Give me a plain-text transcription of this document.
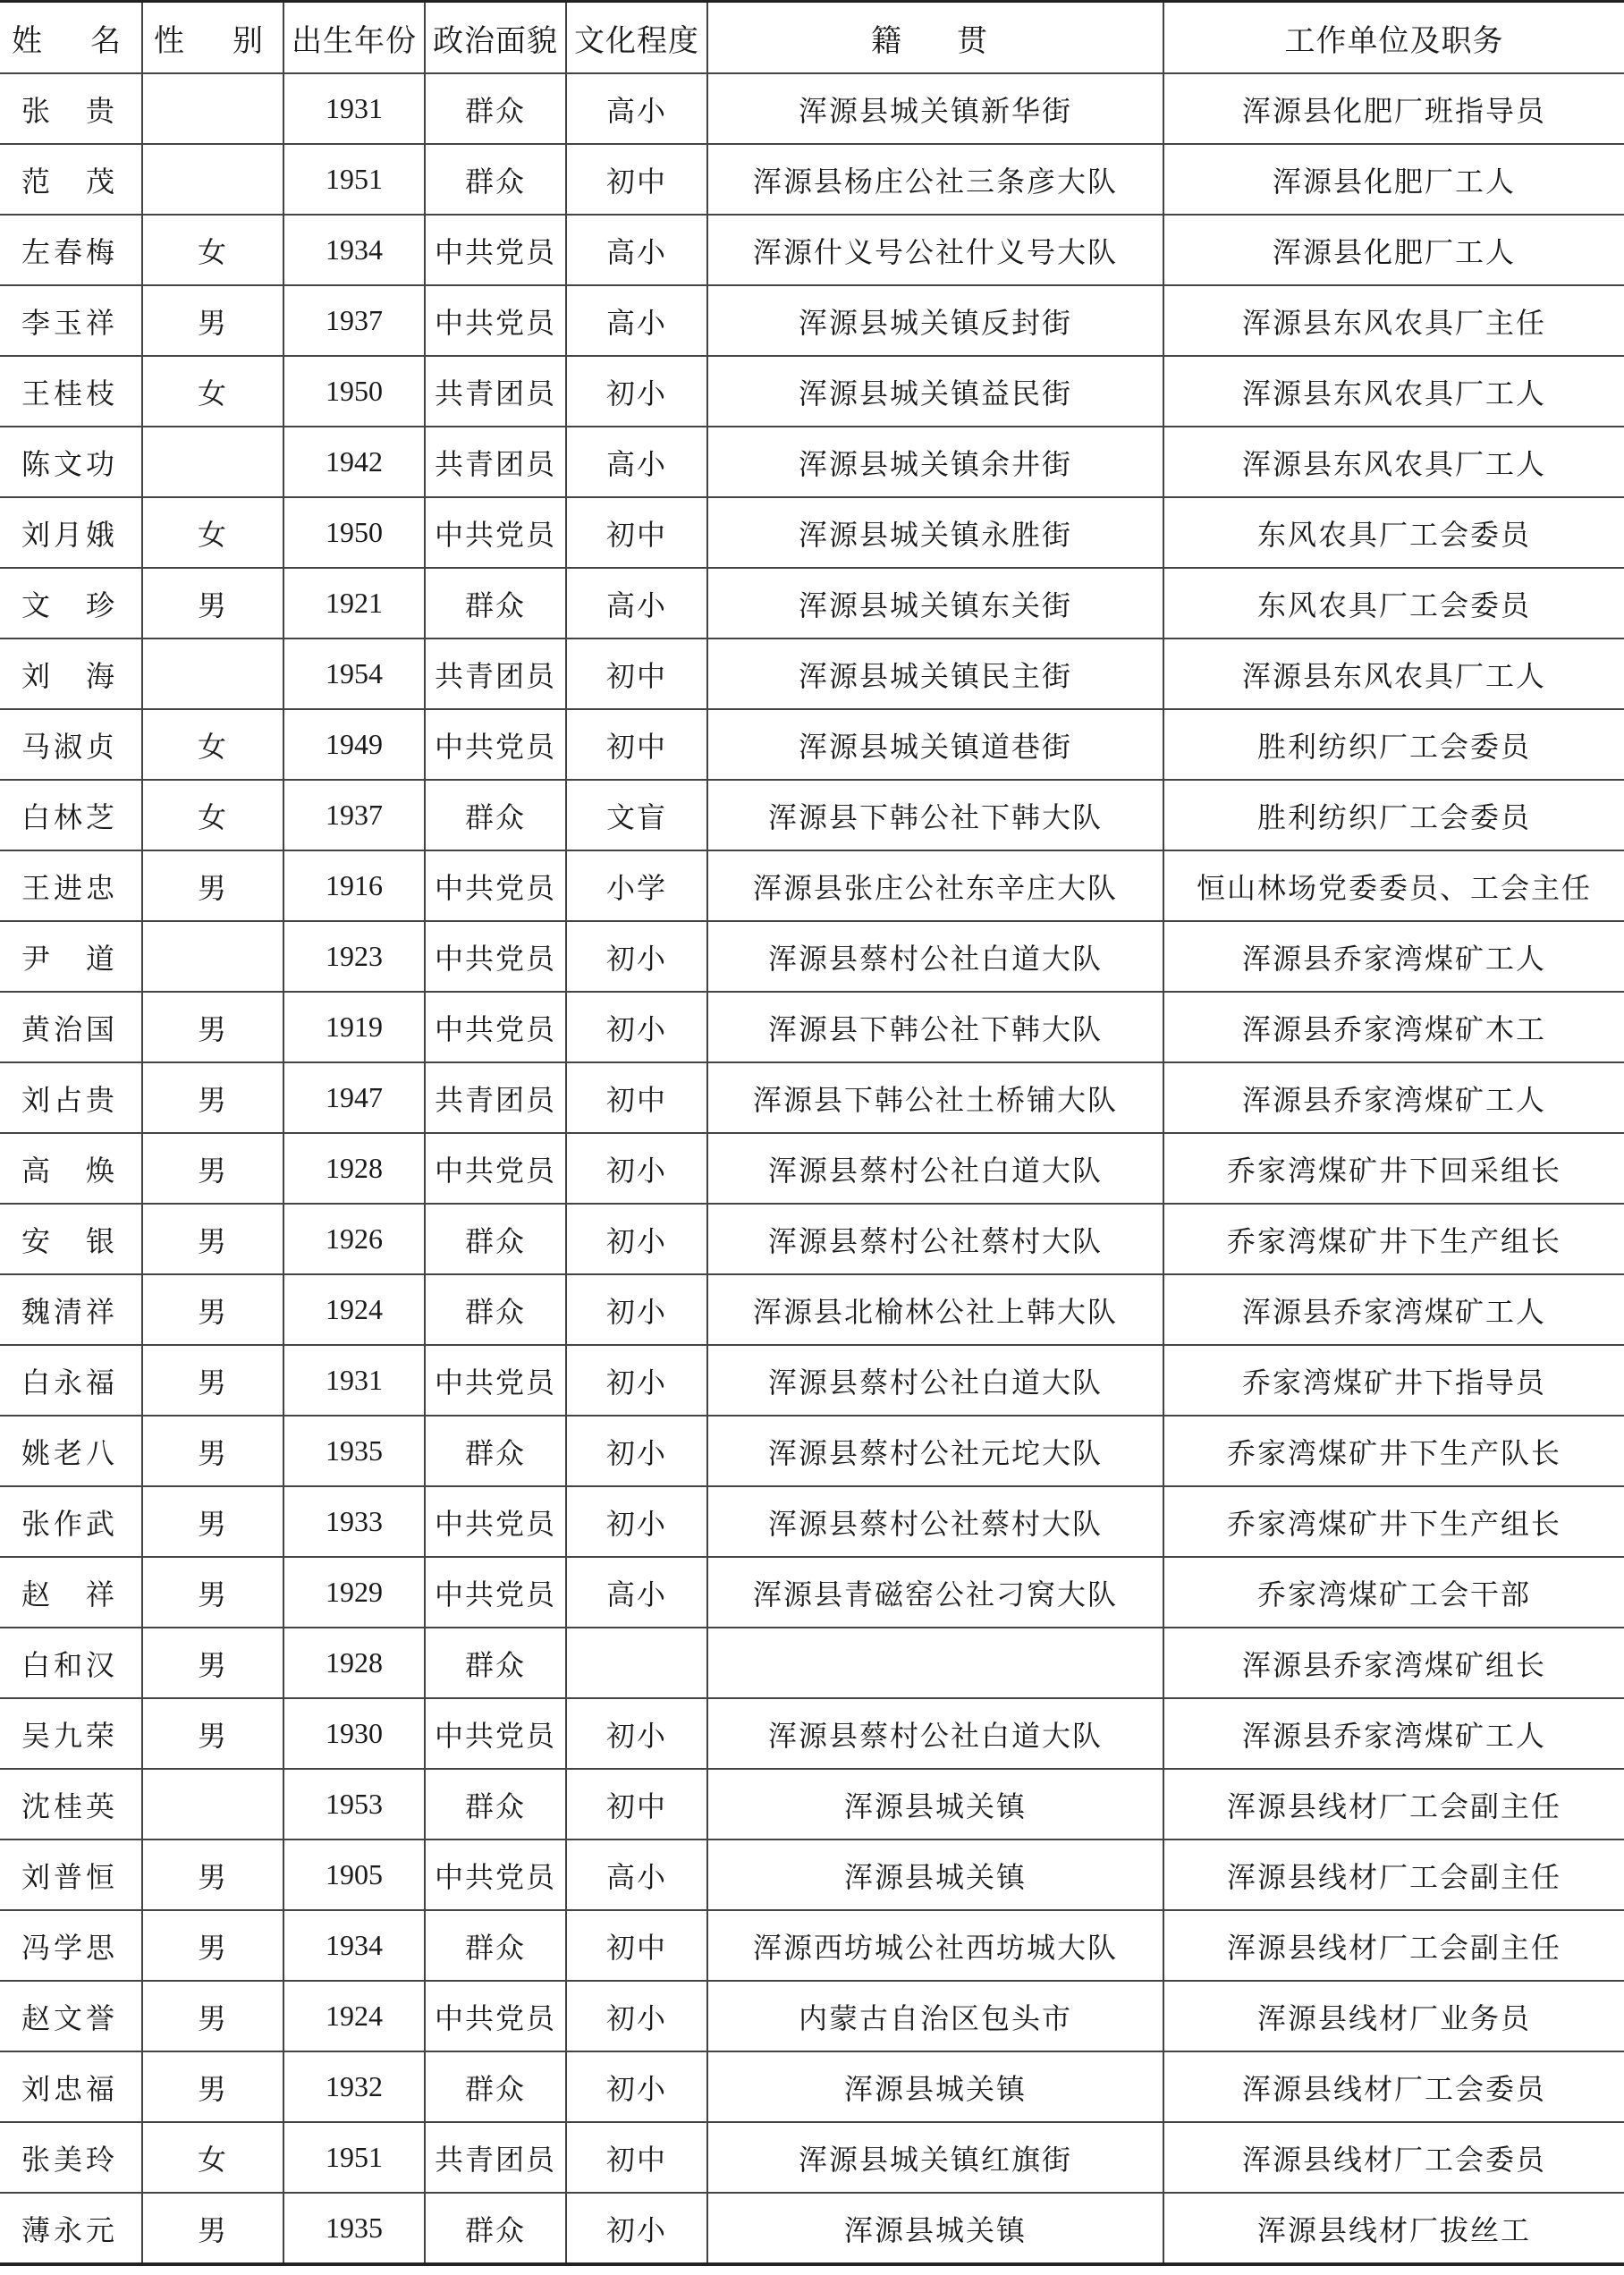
姓　名	性　别	出生年份	政治面貌	文化程度	籍　贯	工作单位及职务
张　贵		1931	群众	高小	浑源县城关镇新华街	浑源县化肥厂班指导员
范　茂		1951	群众	初中	浑源县杨庄公社三条彦大队	浑源县化肥厂工人
左春梅	女	1934	中共党员	高小	浑源什义号公社什义号大队	浑源县化肥厂工人
李玉祥	男	1937	中共党员	高小	浑源县城关镇反封街	浑源县东风农具厂主任
王桂枝	女	1950	共青团员	初小	浑源县城关镇益民街	浑源县东风农具厂工人
陈文功		1942	共青团员	高小	浑源县城关镇余井街	浑源县东风农具厂工人
刘月娥	女	1950	中共党员	初中	浑源县城关镇永胜街	东风农具厂工会委员
文　珍	男	1921	群众	高小	浑源县城关镇东关街	东风农具厂工会委员
刘　海		1954	共青团员	初中	浑源县城关镇民主街	浑源县东风农具厂工人
马淑贞	女	1949	中共党员	初中	浑源县城关镇道巷街	胜利纺织厂工会委员
白林芝	女	1937	群众	文盲	浑源县下韩公社下韩大队	胜利纺织厂工会委员
王进忠	男	1916	中共党员	小学	浑源县张庄公社东辛庄大队	恒山林场党委委员、工会主任
尹　道		1923	中共党员	初小	浑源县蔡村公社白道大队	浑源县乔家湾煤矿工人
黄治国	男	1919	中共党员	初小	浑源县下韩公社下韩大队	浑源县乔家湾煤矿木工
刘占贵	男	1947	共青团员	初中	浑源县下韩公社土桥铺大队	浑源县乔家湾煤矿工人
高　焕	男	1928	中共党员	初小	浑源县蔡村公社白道大队	乔家湾煤矿井下回采组长
安　银	男	1926	群众	初小	浑源县蔡村公社蔡村大队	乔家湾煤矿井下生产组长
魏清祥	男	1924	群众	初小	浑源县北榆林公社上韩大队	浑源县乔家湾煤矿工人
白永福	男	1931	中共党员	初小	浑源县蔡村公社白道大队	乔家湾煤矿井下指导员
姚老八	男	1935	群众	初小	浑源县蔡村公社元坨大队	乔家湾煤矿井下生产队长
张作武	男	1933	中共党员	初小	浑源县蔡村公社蔡村大队	乔家湾煤矿井下生产组长
赵　祥	男	1929	中共党员	高小	浑源县青磁窑公社刁窝大队	乔家湾煤矿工会干部
白和汉	男	1928	群众			浑源县乔家湾煤矿组长
吴九荣	男	1930	中共党员	初小	浑源县蔡村公社白道大队	浑源县乔家湾煤矿工人
沈桂英		1953	群众	初中	浑源县城关镇	浑源县线材厂工会副主任
刘普恒	男	1905	中共党员	高小	浑源县城关镇	浑源县线材厂工会副主任
冯学思	男	1934	群众	初中	浑源西坊城公社西坊城大队	浑源县线材厂工会副主任
赵文誉	男	1924	中共党员	初小	内蒙古自治区包头市	浑源县线材厂业务员
刘忠福	男	1932	群众	初小	浑源县城关镇	浑源县线材厂工会委员
张美玲	女	1951	共青团员	初中	浑源县城关镇红旗街	浑源县线材厂工会委员
薄永元	男	1935	群众	初小	浑源县城关镇	浑源县线材厂拔丝工
